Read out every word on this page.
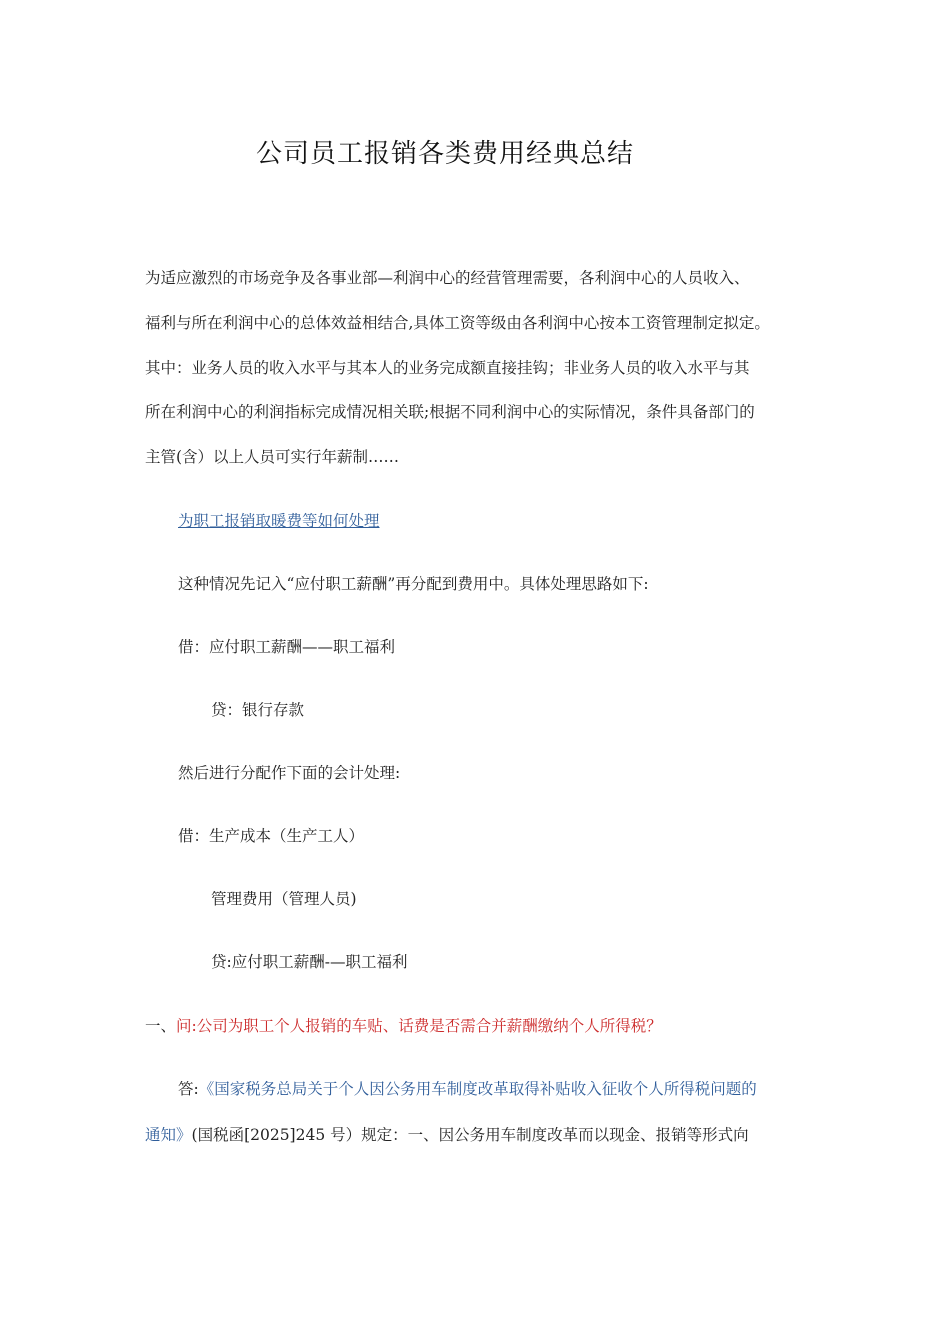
公司员工报销各类费用经典总结
为适应激烈的市场竞争及各事业部—利润中心的经营管理需要，各利润中心的人员收入、
福利与所在利润中心的总体效益相结合,具体工资等级由各利润中心按本工资管理制定拟定。
其中：业务人员的收入水平与其本人的业务完成额直接挂钩；非业务人员的收入水平与其
所在利润中心的利润指标完成情况相关联;根据不同利润中心的实际情况，条件具备部门的
主管(含）以上人员可实行年薪制……
为职工报销取暖费等如何处理
这种情况先记入“应付职工薪酬”再分配到费用中。具体处理思路如下:
借：应付职工薪酬——职工福利
贷：银行存款
然后进行分配作下面的会计处理:
借：生产成本（生产工人）
管理费用（管理人员)
贷:应付职工薪酬-—职工福利
一、问:公司为职工个人报销的车贴、话费是否需合并薪酬缴纳个人所得税？
答:《国家税务总局关于个人因公务用车制度改革取得补贴收入征收个人所得税问题的
通知》(国税函[2025]245 号）规定：一、因公务用车制度改革而以现金、报销等形式向
